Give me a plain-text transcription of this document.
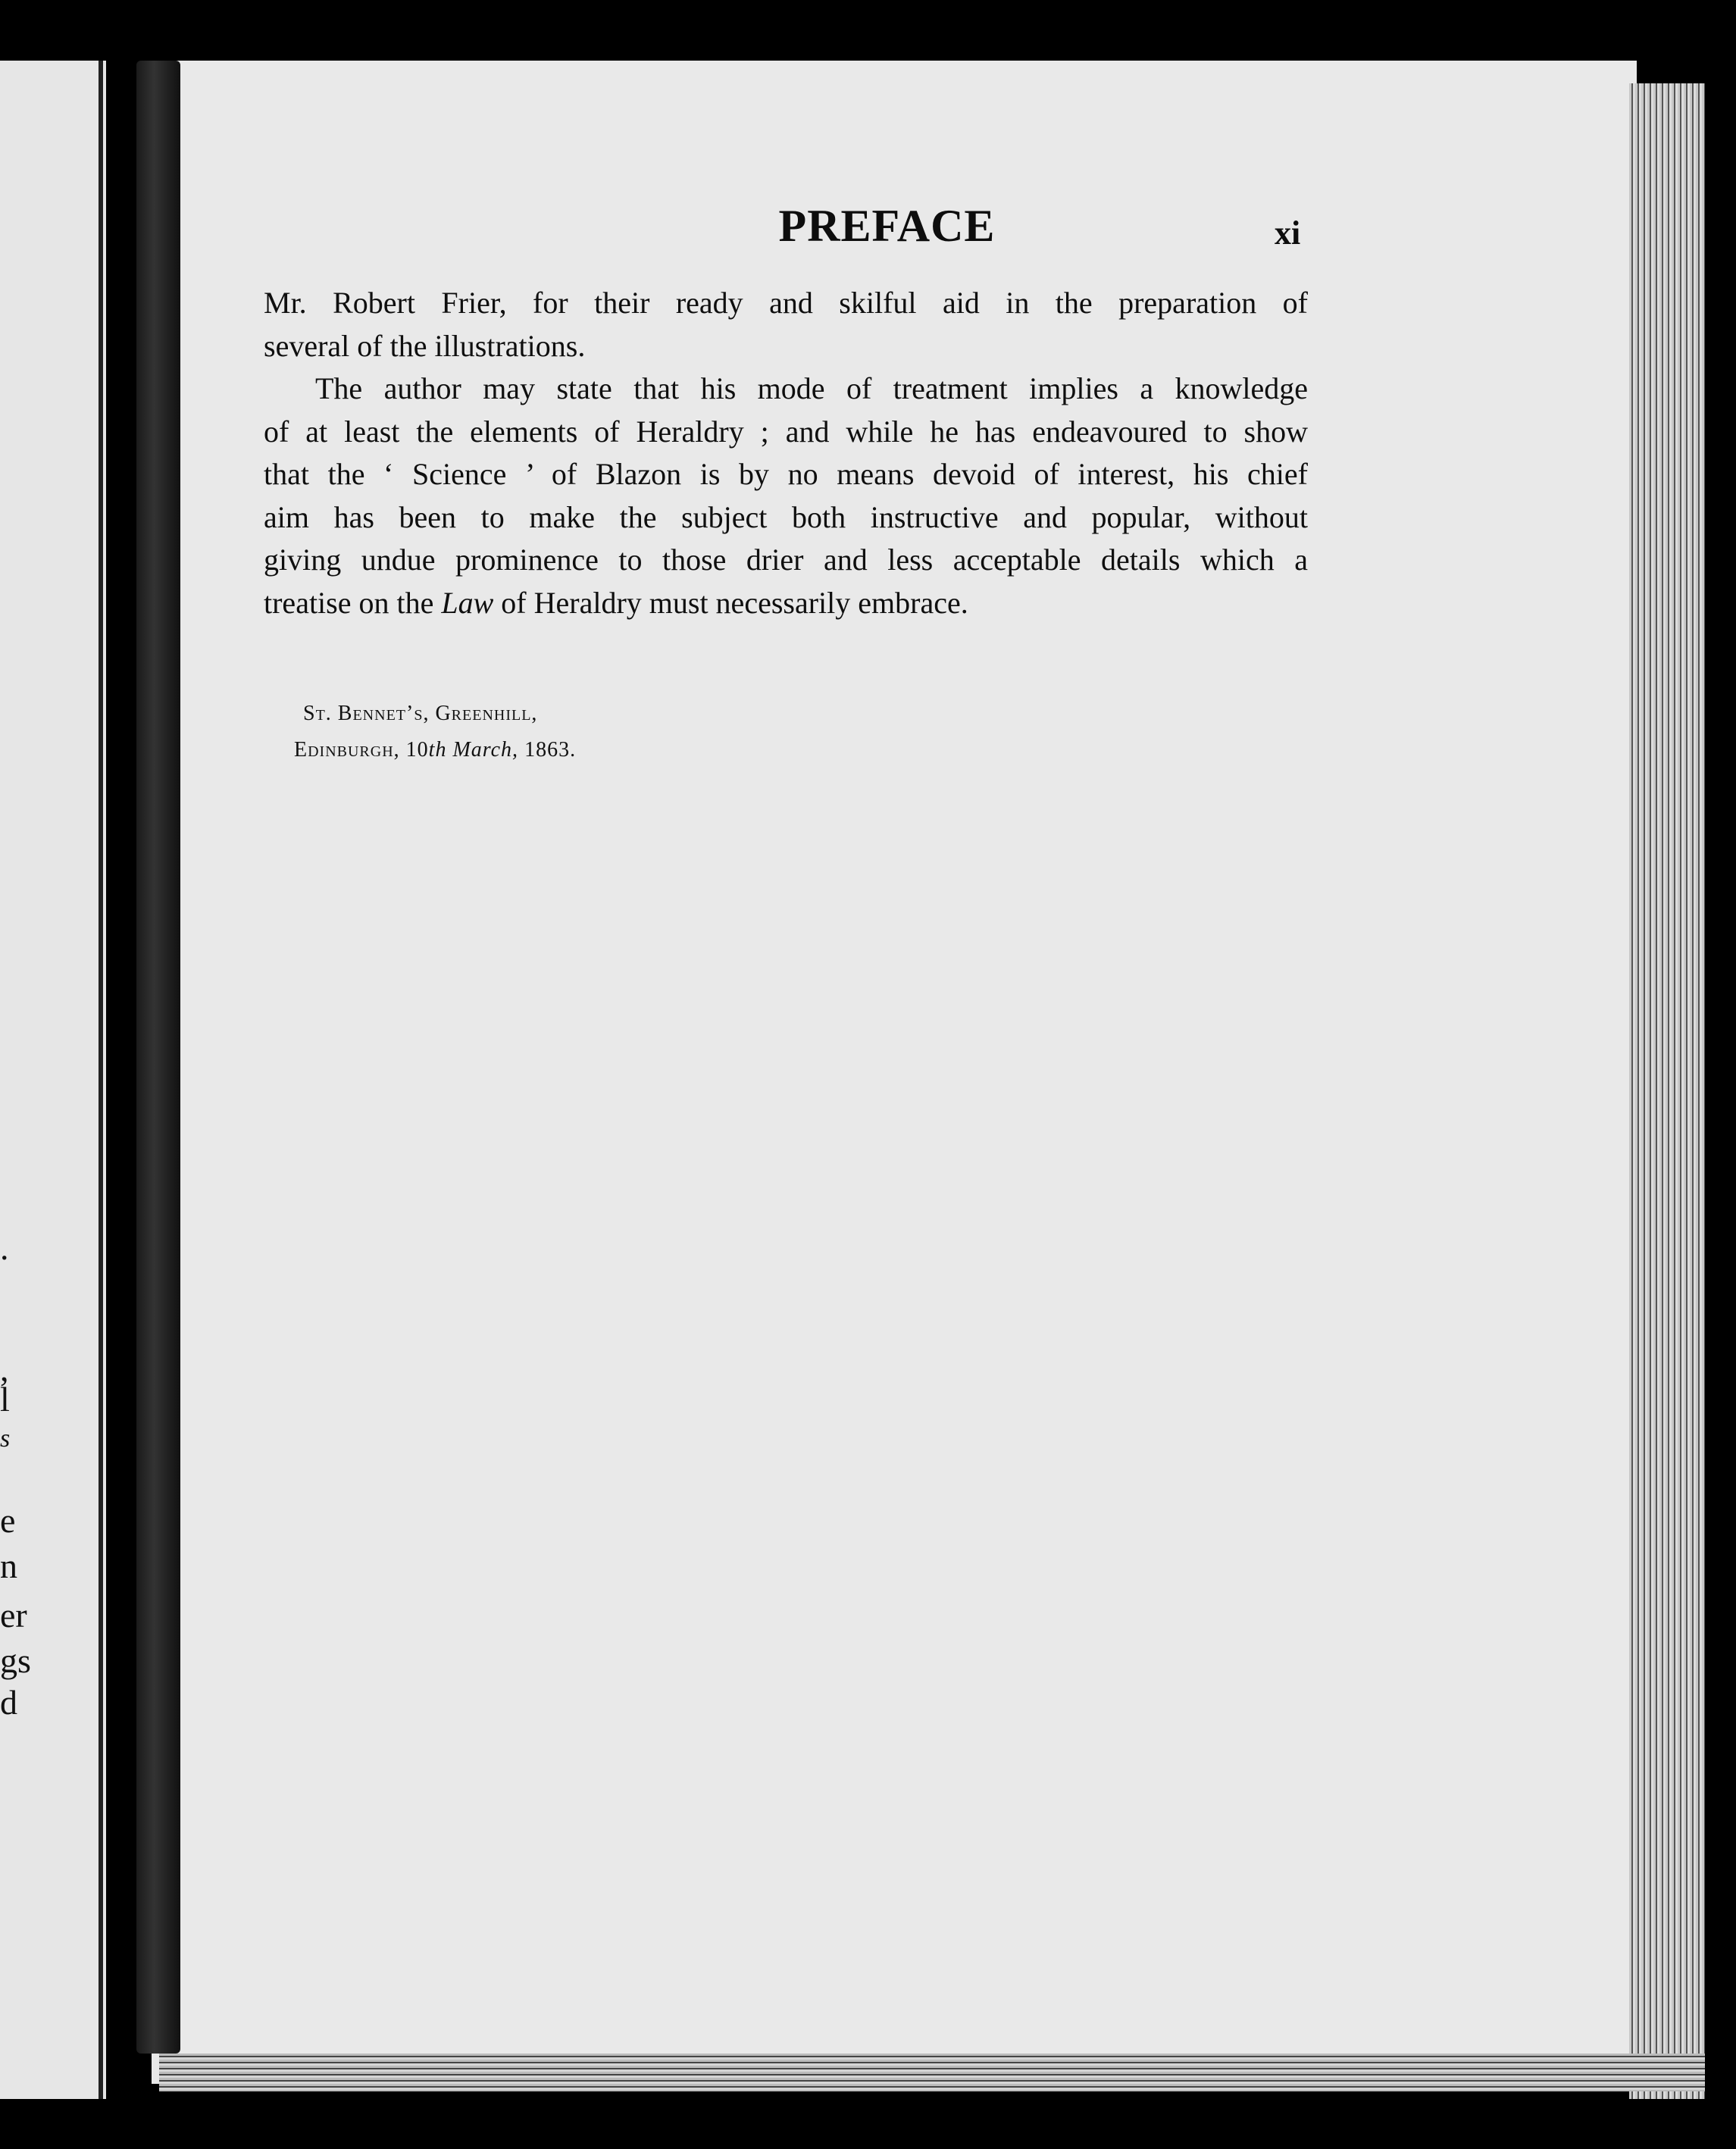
.
,
l
s
e
n
er
gs
d
PREFACE	xi
Mr. Robert Frier, for their ready and skilful aid in the preparation of
several of the illustrations.
The author may state that his mode of treatment implies a knowledge
of at least the elements of Heraldry ; and while he has endeavoured to show
that the ‘ Science ’ of Blazon is by no means devoid of interest, his chief
aim has been to make the subject both instructive and popular, without
giving undue prominence to those drier and less acceptable details which a
treatise on the Law of Heraldry must necessarily embrace.
St. Bennet’s, Greenhill,
Edinburgh, 10th March, 1863.
